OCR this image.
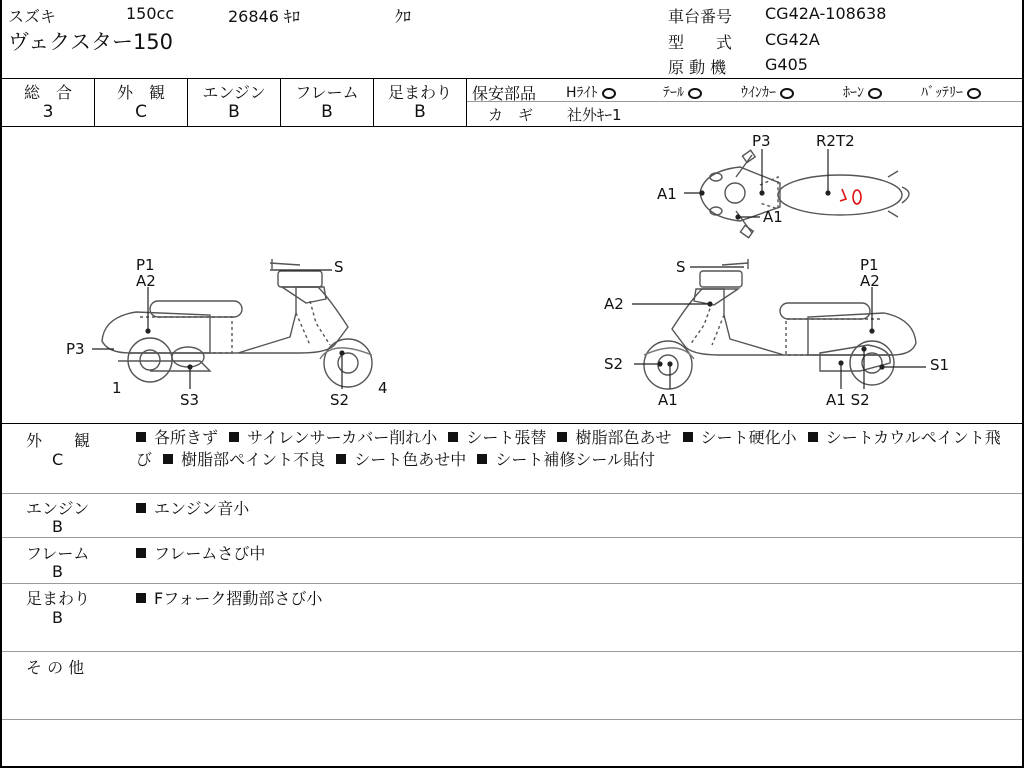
スズキ	150cc	26846 ｷﾛ	ｸﾛ
ヴェクスター150
車台番号 CG42A-108638
型　　式 CG42A
原 動 機 G405
総　合
3
外　観
C
エンジン
B
フレーム
B
足まわり
B
保安部品 Hﾗｲﾄ	ﾃｰﾙ	ｳｲﾝｶｰ	ﾎｰﾝ	ﾊﾞｯﾃﾘｰ
カ　ギ 社外ｷｰ1
P1
A2
P3
S
1
S3	S2
4
P3	R2T2
A1
A1
S	P1
A2
A2
S2	S1
A1	A1 S2
外　　観
C
各所きず サイレンサーカバー削れ小 シート張替 樹脂部色あせ シート硬化小 シートカウルペイント飛び 樹脂部ペイント不良 シート色あせ中 シート補修シール貼付
エンジン
B
エンジン音小
フレーム
B
フレームさび中
足まわり
B
Fフォーク摺動部さび小
そ の 他
